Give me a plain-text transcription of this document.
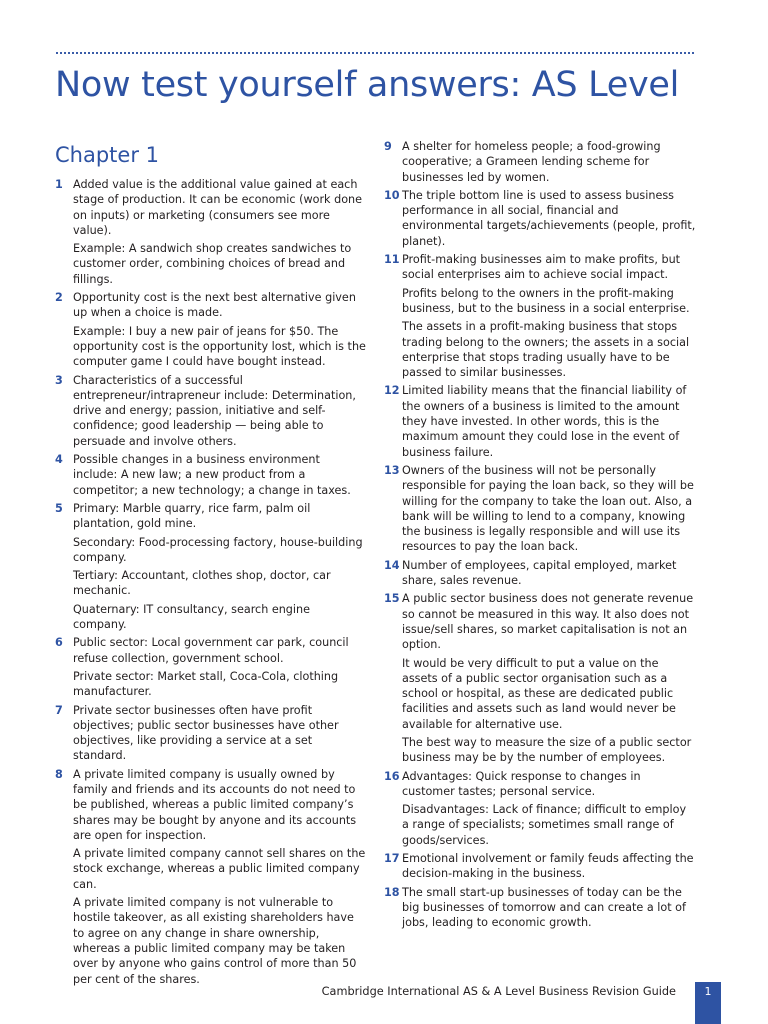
Now test yourself answers: AS Level
Chapter 1
1 Added value is the additional value gained at each stage of production. It can be economic (work done on inputs) or marketing (consumers see more value).

Example: A sandwich shop creates sandwiches to customer order, combining choices of bread and fillings.

2 Opportunity cost is the next best alternative given up when a choice is made.

Example: I buy a new pair of jeans for $50. The opportunity cost is the opportunity lost, which is the computer game I could have bought instead.

3 Characteristics of a successful entrepreneur/intrapreneur include: Determination, drive and energy; passion, initiative and self-confidence; good leadership — being able to persuade and involve others.

4 Possible changes in a business environment include: A new law; a new product from a competitor; a new technology; a change in taxes.

5 Primary: Marble quarry, rice farm, palm oil plantation, gold mine.

Secondary: Food-processing factory, house-building company.

Tertiary: Accountant, clothes shop, doctor, car mechanic.

Quaternary: IT consultancy, search engine company.

6 Public sector: Local government car park, council refuse collection, government school.

Private sector: Market stall, Coca-Cola, clothing manufacturer.

7 Private sector businesses often have profit objectives; public sector businesses have other objectives, like providing a service at a set standard.

8 A private limited company is usually owned by family and friends and its accounts do not need to be published, whereas a public limited company’s shares may be bought by anyone and its accounts are open for inspection.

A private limited company cannot sell shares on the stock exchange, whereas a public limited company can.

A private limited company is not vulnerable to hostile takeover, as all existing shareholders have to agree on any change in share ownership, whereas a public limited company may be taken over by anyone who gains control of more than 50 per cent of the shares.

9 A shelter for homeless people; a food-growing cooperative; a Grameen lending scheme for businesses led by women.

10 The triple bottom line is used to assess business performance in all social, financial and environmental targets/achievements (people, profit, planet).

11 Profit-making businesses aim to make profits, but social enterprises aim to achieve social impact.

Profits belong to the owners in the profit-making business, but to the business in a social enterprise.

The assets in a profit-making business that stops trading belong to the owners; the assets in a social enterprise that stops trading usually have to be passed to similar businesses.

12 Limited liability means that the financial liability of the owners of a business is limited to the amount they have invested. In other words, this is the maximum amount they could lose in the event of business failure.

13 Owners of the business will not be personally responsible for paying the loan back, so they will be willing for the company to take the loan out. Also, a bank will be willing to lend to a company, knowing the business is legally responsible and will use its resources to pay the loan back.

14 Number of employees, capital employed, market share, sales revenue.

15 A public sector business does not generate revenue so cannot be measured in this way. It also does not issue/sell shares, so market capitalisation is not an option.

It would be very difficult to put a value on the assets of a public sector organisation such as a school or hospital, as these are dedicated public facilities and assets such as land would never be available for alternative use.

The best way to measure the size of a public sector business may be by the number of employees.

16 Advantages: Quick response to changes in customer tastes; personal service.

Disadvantages: Lack of finance; difficult to employ a range of specialists; sometimes small range of goods/services.

17 Emotional involvement or family feuds affecting the decision-making in the business.

18 The small start-up businesses of today can be the big businesses of tomorrow and can create a lot of jobs, leading to economic growth.

Cambridge International AS & A Level Business Revision Guide	1
